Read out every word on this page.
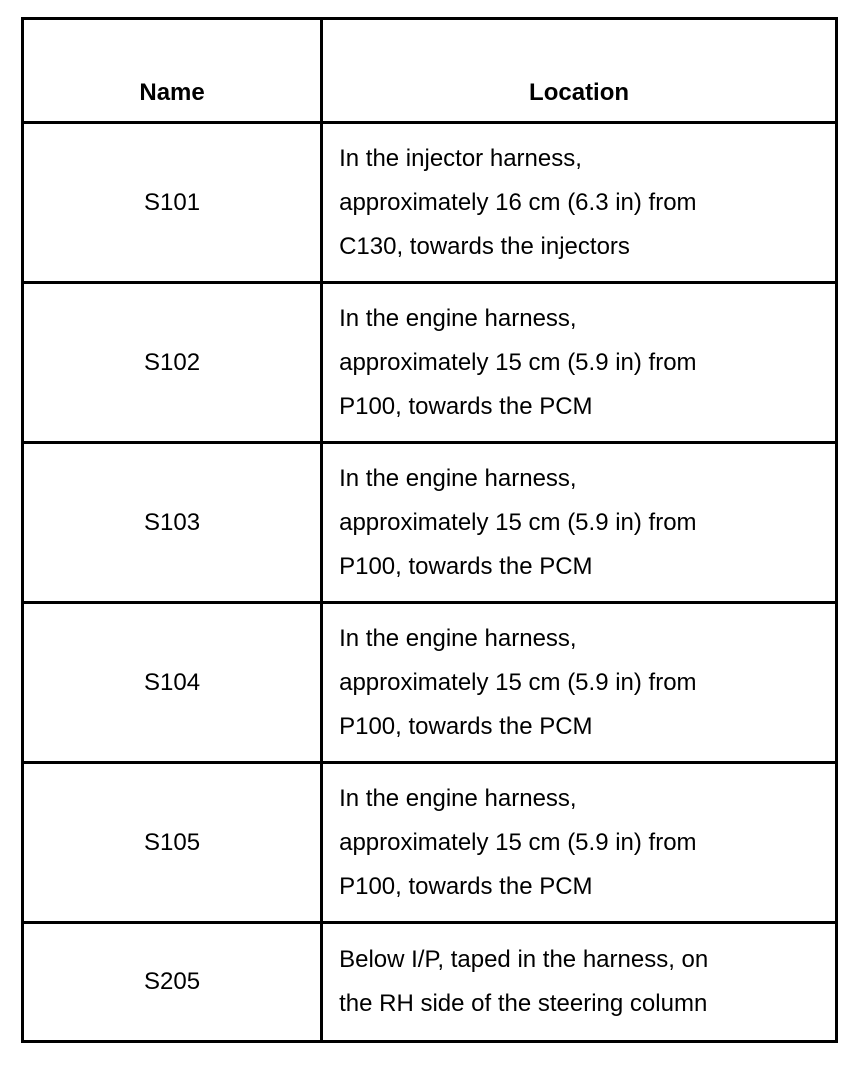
Name	Location
S101	In the injector harness,
approximately 16 cm (6.3 in) from
C130, towards the injectors

S102	In the engine harness,
approximately 15 cm (5.9 in) from
P100, towards the PCM

S103	In the engine harness,
approximately 15 cm (5.9 in) from
P100, towards the PCM

S104	In the engine harness,
approximately 15 cm (5.9 in) from
P100, towards the PCM

S105	In the engine harness,
approximately 15 cm (5.9 in) from
P100, towards the PCM

S205	Below I/P, taped in the harness, on
the RH side of the steering column
